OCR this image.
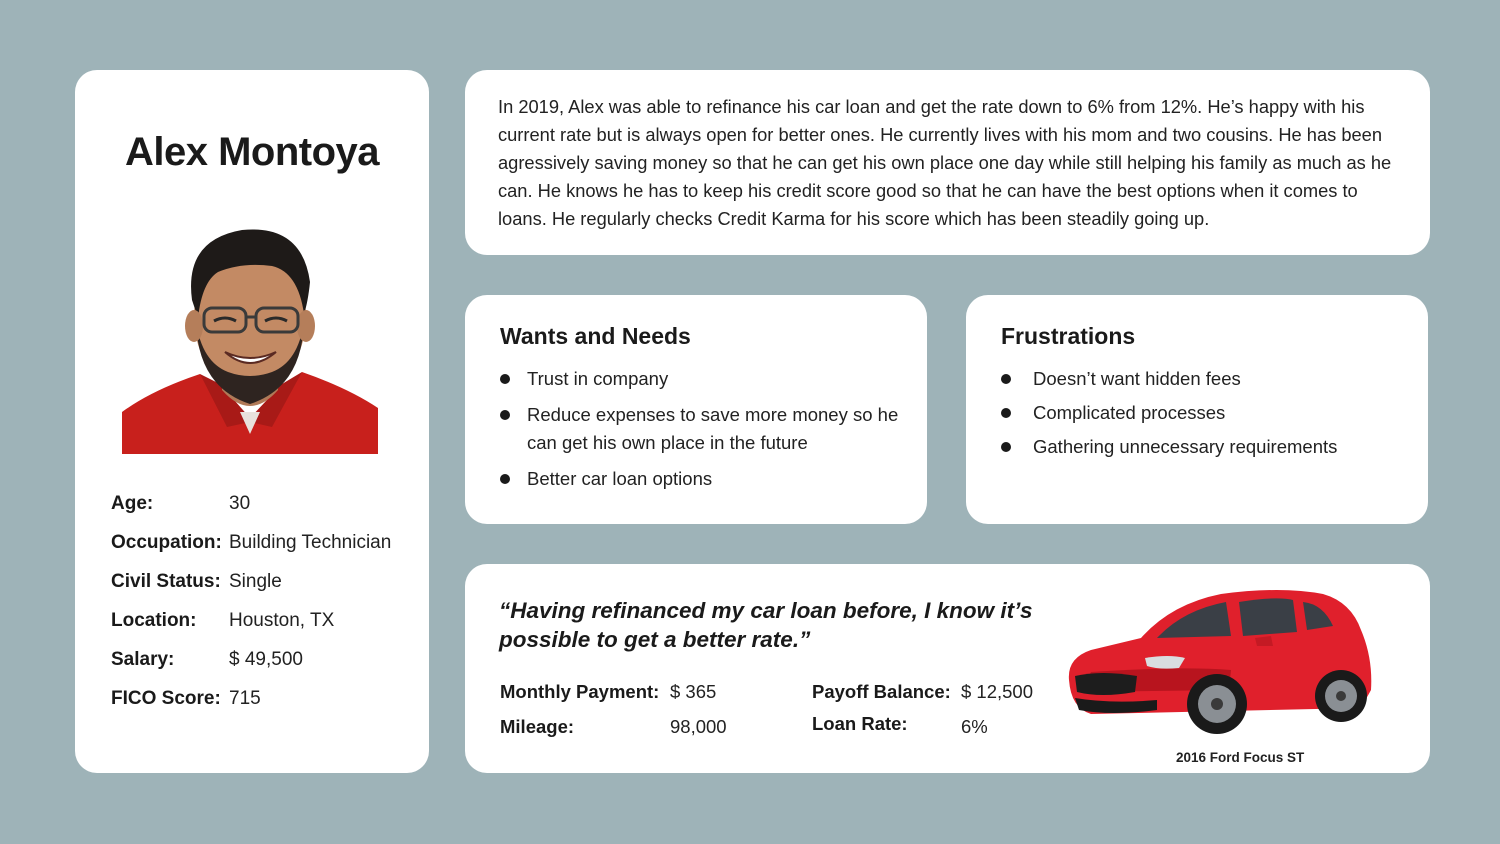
Alex Montoya
Age:	30
Occupation: Building Technician
Civil Status: Single
Location: Houston, TX
Salary:	$ 49,500
FICO Score: 715

In 2019, Alex was able to refinance his car loan and get the rate down to 6% from 12%. He’s happy with his current rate but is always open for better ones. He currently lives with his mom and two cousins. He has been agressively saving money so that he can get his own place one day while still helping his family as much as he can. He knows he has to keep his credit score good so that he can have the best options when it comes to loans. He regularly checks Credit Karma for his score which has been steadily going up.

Wants and Needs
Trust in company
Reduce expenses to save more money so he can get his own place in the future
Better car loan options
Frustrations
Doesn’t want hidden fees
Complicated processes
Gathering unnecessary requirements
“Having refinanced my car loan before, I know it’s possible to get a better rate.”
Monthly Payment: $ 365
Mileage:	98,000
Payoff Balance: $ 12,500
Loan Rate:	6%
2016 Ford Focus ST
